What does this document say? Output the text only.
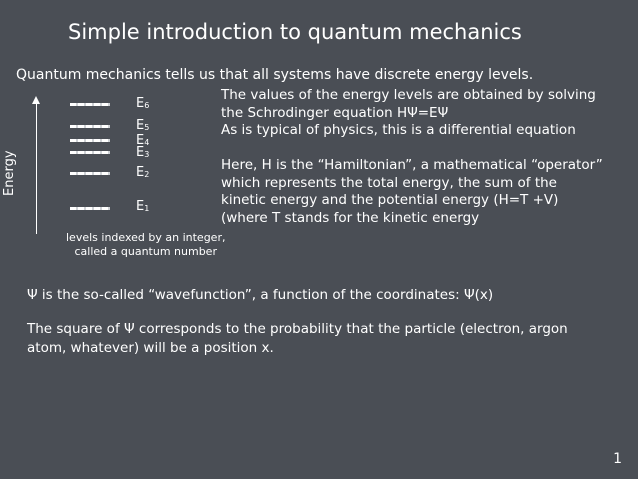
Simple introduction to quantum mechanics
Quantum mechanics tells us that all systems have discrete energy levels.
The values of the energy levels are obtained by solving
the Schrodinger equation HΨ=EΨ
As is typical of physics, this is a differential equation
Here, H is the “Hamiltonian”, a mathematical “operator”
which represents the total energy, the sum of the
kinetic energy and the potential energy (H=T +V)
(where T stands for the kinetic energy
Energy
$E_6$
$E_5$
$E_4$
$E_3$
$E_2$
$E_1$
levels indexed by an integer,
called a quantum number
Ψ is the so-called “wavefunction”, a function of the coordinates: Ψ(x)
The square of Ψ corresponds to the probability that the particle (electron, argon
atom, whatever) will be a position x.
1
